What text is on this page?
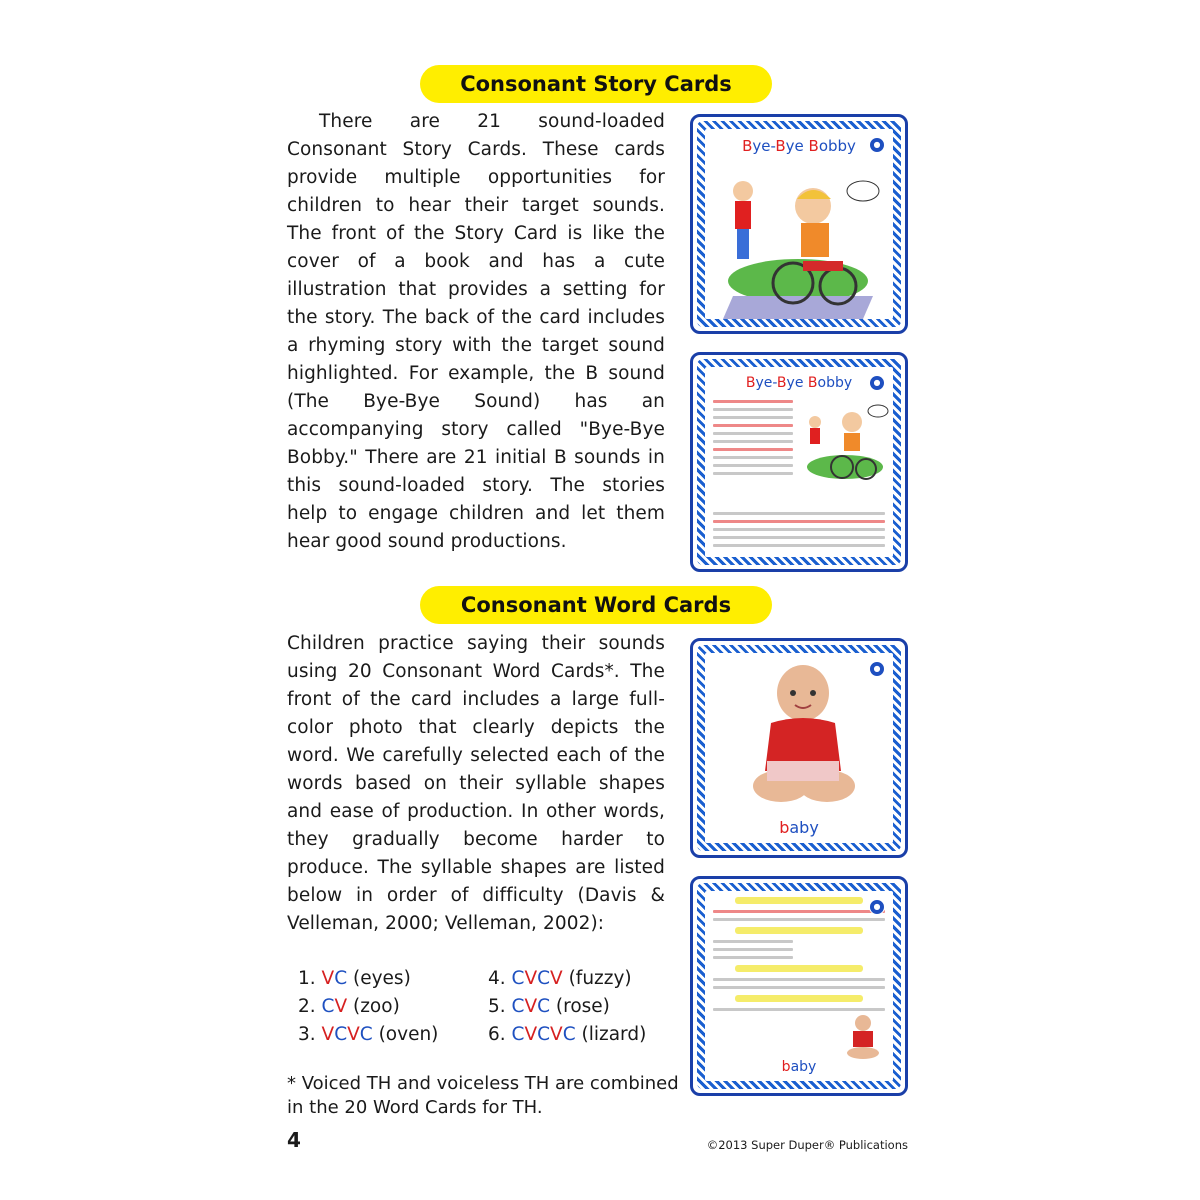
Consonant Story Cards

There are 21 sound-loaded Consonant Story Cards. These cards provide multiple opportunities for children to hear their target sounds. The front of the Story Card is like the cover of a book and has a cute illustration that provides a setting for the story. The back of the card includes a rhyming story with the target sound highlighted. For example, the B sound (The Bye-Bye Sound) has an accompanying story called "Bye-Bye Bobby." There are 21 initial B sounds in this sound-loaded story. The stories help to engage children and let them hear good sound productions.

Bye-Bye Bobby	●
Bye-Bye Bobby	●
Consonant Word Cards

Children practice saying their sounds using 20 Consonant Word Cards*. The front of the card includes a large full-color photo that clearly depicts the word. We carefully selected each of the words based on their syllable shapes and ease of production. In other words, they gradually become harder to produce. The syllable shapes are listed below in order of difficulty (Davis & Velleman, 2000; Velleman, 2002):

baby
●
baby
●
1. VC (eyes)	4. CVCV (fuzzy)
2. CV (zoo)	5. CVC (rose)
3. VCVC (oven)	6. CVCVC (lizard)
* Voiced TH and voiceless TH are combined in the 20 Word Cards for TH.
4	©2013 Super Duper® Publications
